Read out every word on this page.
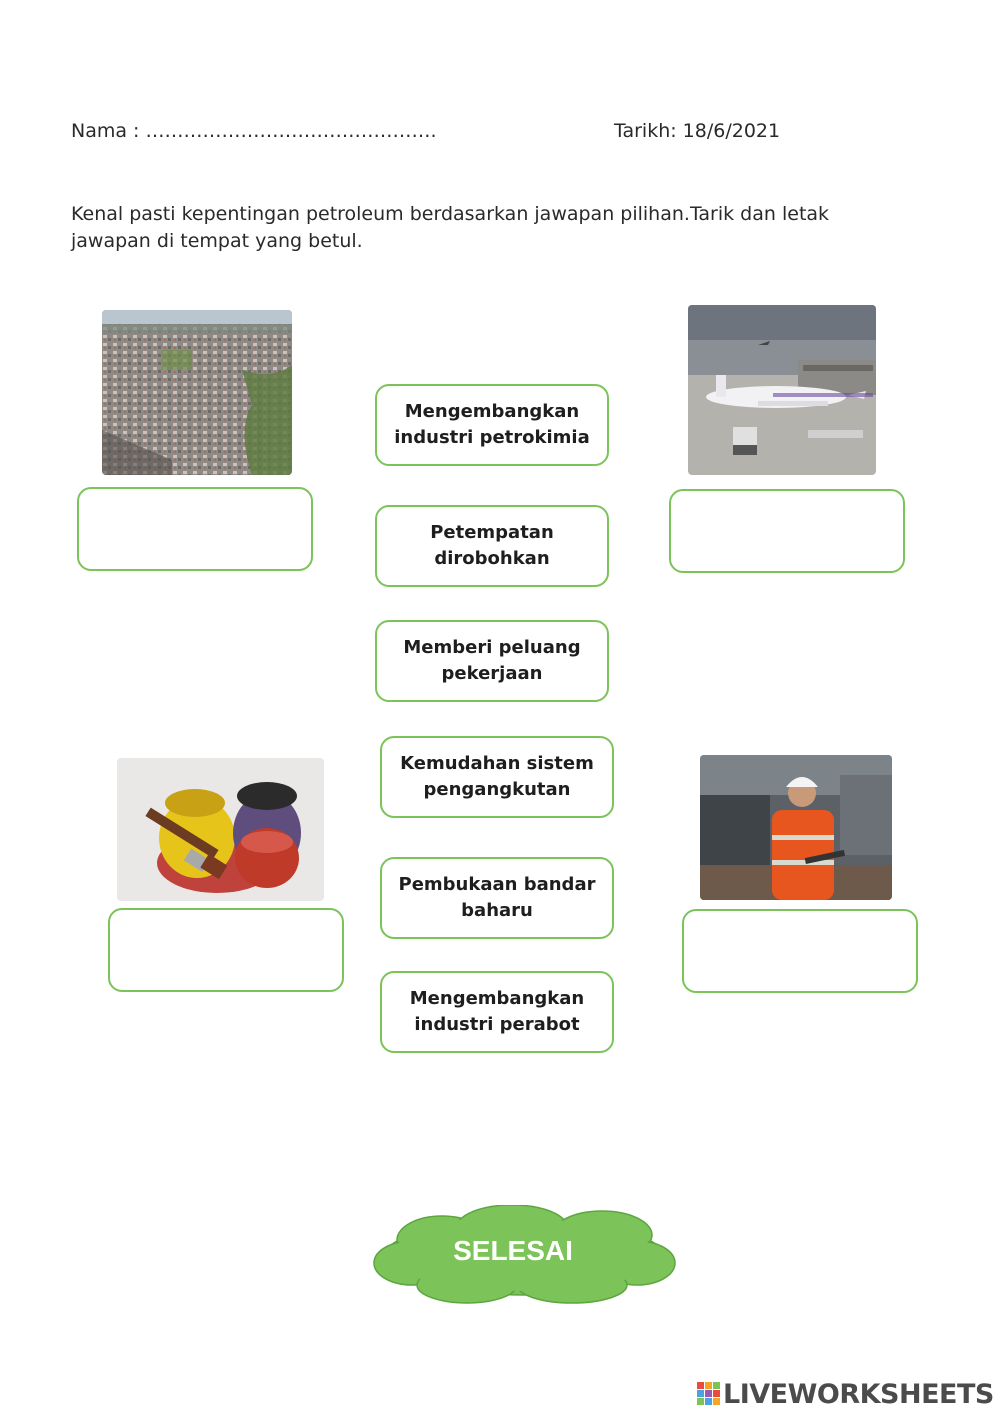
Nama : ……………………………………….	Tarikh: 18/6/2021
Kenal pasti kepentingan petroleum berdasarkan jawapan pilihan.Tarik dan letak jawapan di tempat yang betul.
Mengembangkan industri petrokimia
Petempatan dirobohkan
Memberi peluang pekerjaan
Kemudahan sistem pengangkutan
Pembukaan bandar baharu
Mengembangkan industri perabot
SELESAI
LIVEWORKSHEETS
